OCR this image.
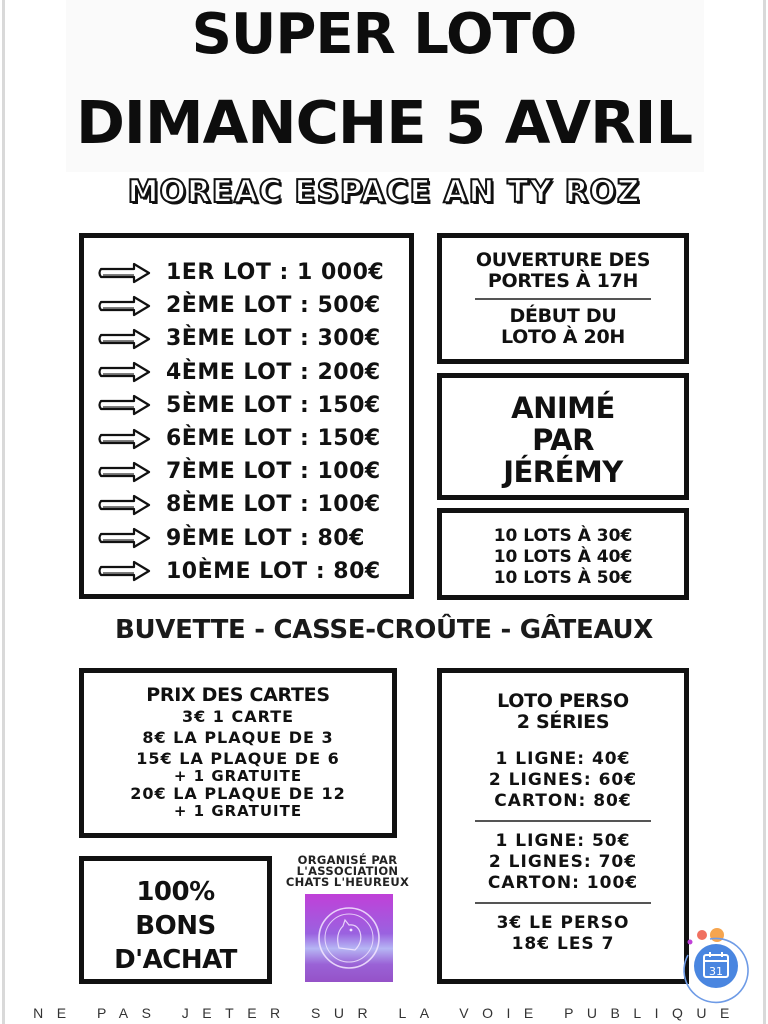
SUPER LOTO
DIMANCHE 5 AVRIL
MOREAC ESPACE AN TY ROZ
1ER LOT : 1 000€
2ÈME LOT : 500€
3ÈME LOT : 300€
4ÈME LOT : 200€
5ÈME LOT : 150€
6ÈME LOT : 150€
7ÈME LOT : 100€
8ÈME LOT : 100€
9ÈME LOT : 80€
10ÈME LOT : 80€
OUVERTURE DES
PORTES À 17H
DÉBUT DU
LOTO À 20H
ANIMÉ
PAR
JÉRÉMY
10 LOTS À 30€
10 LOTS À 40€
10 LOTS À 50€
BUVETTE - CASSE-CROÛTE - GÂTEAUX
PRIX DES CARTES
3€ 1 CARTE
8€ LA PLAQUE DE 3
15€ LA PLAQUE DE 6
+ 1 GRATUITE
20€ LA PLAQUE DE 12
+ 1 GRATUITE
LOTO PERSO
2 SÉRIES
1 LIGNE: 40€
2 LIGNES: 60€
CARTON: 80€
1 LIGNE: 50€
2 LIGNES: 70€
CARTON: 100€
3€ LE PERSO
18€ LES 7
100%
BONS
D'ACHAT
ORGANISÉ PAR
L'ASSOCIATION
CHATS L'HEUREUX
NE PAS JETER SUR LA VOIE PUBLIQUE
31
